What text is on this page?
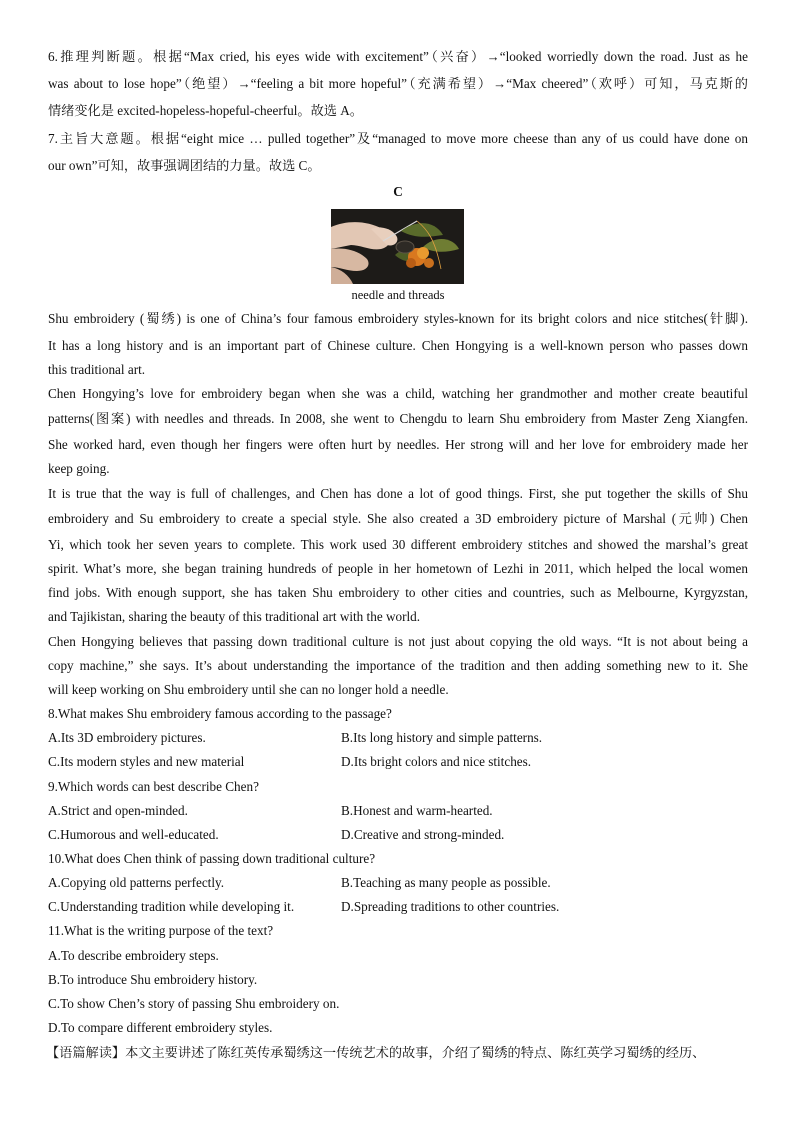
6.推理判断题。根据“Max cried, his eyes wide with excitement”（兴奋）→“looked worriedly down the road. Just as he
was about to lose hope”（绝望）→“feeling a bit more hopeful”（充满希望）→“Max cheered”（欢呼）可知，马克斯的
情绪变化是 excited-hopeless-hopeful-cheerful。故选 A。
7.主旨大意题。根据“eight mice … pulled together”及“managed to move more cheese than any of us could have done on
our own”可知，故事强调团结的力量。故选 C。
C
needle and threads
Shu embroidery (蜀绣) is one of China’s four famous embroidery styles-known for its bright colors and nice stitches(针脚).
It has a long history and is an important part of Chinese culture. Chen Hongying is a well-known person who passes down
this traditional art.
Chen Hongying’s love for embroidery began when she was a child, watching her grandmother and mother create beautiful
patterns(图案) with needles and threads. In 2008, she went to Chengdu to learn Shu embroidery from Master Zeng Xiangfen.
She worked hard, even though her fingers were often hurt by needles. Her strong will and her love for embroidery made her
keep going.
It is true that the way is full of challenges, and Chen has done a lot of good things. First, she put together the skills of Shu
embroidery and Su embroidery to create a special style. She also created a 3D embroidery picture of Marshal (元帅) Chen
Yi, which took her seven years to complete. This work used 30 different embroidery stitches and showed the marshal’s great
spirit. What’s more, she began training hundreds of people in her hometown of Lezhi in 2011, which helped the local women
find jobs. With enough support, she has taken Shu embroidery to other cities and countries, such as Melbourne, Kyrgyzstan,
and Tajikistan, sharing the beauty of this traditional art with the world.
Chen Hongying believes that passing down traditional culture is not just about copying the old ways. “It is not about being a
copy machine,” she says. It’s about understanding the importance of the tradition and then adding something new to it. She
will keep working on Shu embroidery until she can no longer hold a needle.
8.What makes Shu embroidery famous according to the passage?
A.Its 3D embroidery pictures.	B.Its long history and simple patterns.
C.Its modern styles and new material	D.Its bright colors and nice stitches.
9.Which words can best describe Chen?
A.Strict and open-minded.	B.Honest and warm-hearted.
C.Humorous and well-educated.	D.Creative and strong-minded.
10.What does Chen think of passing down traditional culture?
A.Copying old patterns perfectly.	B.Teaching as many people as possible.
C.Understanding tradition while developing it.	D.Spreading traditions to other countries.
11.What is the writing purpose of the text?
A.To describe embroidery steps.
B.To introduce Shu embroidery history.
C.To show Chen’s story of passing Shu embroidery on.
D.To compare different embroidery styles.
【语篇解读】本文主要讲述了陈红英传承蜀绣这一传统艺术的故事，介绍了蜀绣的特点、陈红英学习蜀绣的经历、
